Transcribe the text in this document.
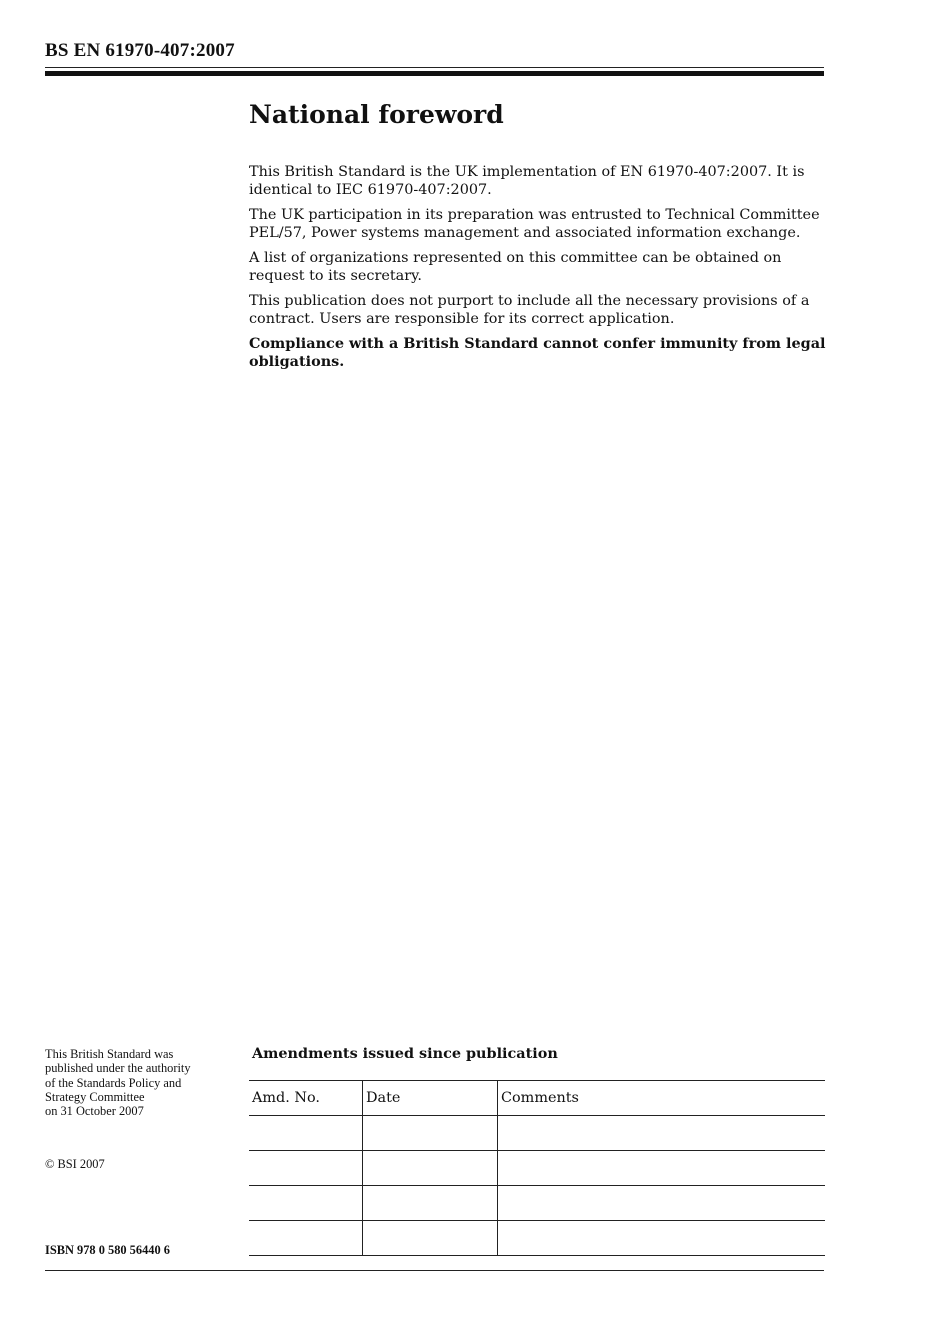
BS EN 61970-407:2007
National foreword

This British Standard is the UK implementation of EN 61970-407:2007. It is identical to IEC 61970-407:2007.

The UK participation in its preparation was entrusted to Technical Committee PEL/57, Power systems management and associated information exchange.

A list of organizations represented on this committee can be obtained on request to its secretary.

This publication does not purport to include all the necessary provisions of a contract. Users are responsible for its correct application.

Compliance with a British Standard cannot confer immunity from legal obligations.

This British Standard was
published under the authority
of the Standards Policy and
Strategy Committee
on 31 October 2007
© BSI 2007
ISBN 978 0 580 56440 6
Amendments issued since publication
Amd. No.	Date	Comments
